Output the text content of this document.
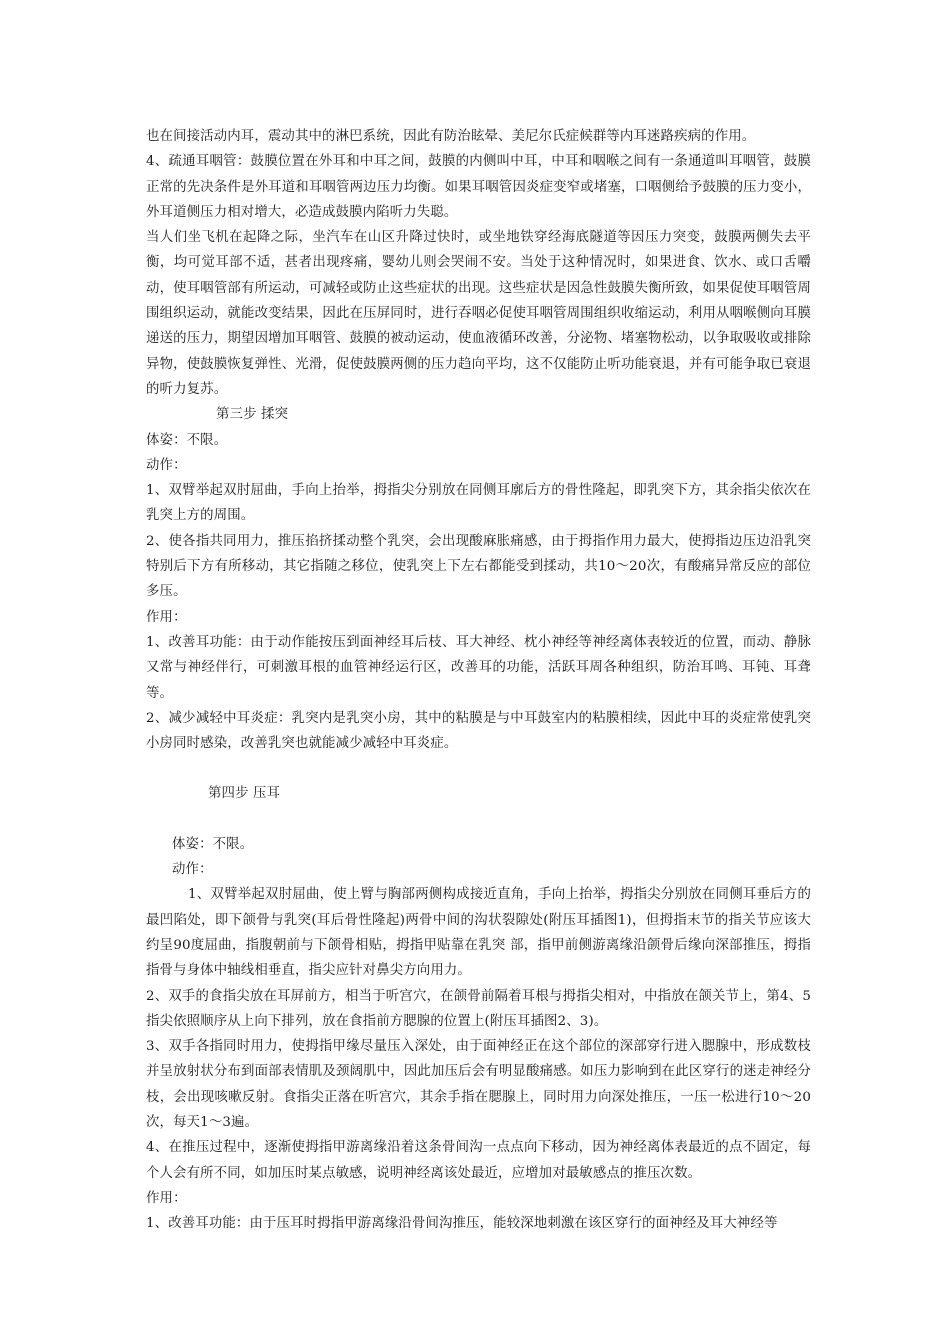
也在间接活动内耳，震动其中的淋巴系统，因此有防治眩晕、美尼尔氏症候群等内耳迷路疾病的作用。

4、疏通耳咽管：鼓膜位置在外耳和中耳之间，鼓膜的内侧叫中耳，中耳和咽喉之间有一条通道叫耳咽管，鼓膜正常的先决条件是外耳道和耳咽管两边压力均衡。如果耳咽管因炎症变窄或堵塞，口咽侧给予鼓膜的压力变小，外耳道侧压力相对增大，必造成鼓膜内陷听力失聪。

当人们坐飞机在起降之际，坐汽车在山区升降过快时，或坐地铁穿经海底隧道等因压力突变，鼓膜两侧失去平衡，均可觉耳部不适，甚者出现疼痛，婴幼儿则会哭闹不安。当处于这种情况时，如果进食、饮水、或口舌嚼动，使耳咽管部有所运动，可减轻或防止这些症状的出现。这些症状是因急性鼓膜失衡所致，如果促使耳咽管周围组织运动，就能改变结果，因此在压屏同时，进行吞咽必促使耳咽管周围组织收缩运动，利用从咽喉侧向耳膜递送的压力，期望因增加耳咽管、鼓膜的被动运动，使血液循环改善，分泌物、堵塞物松动，以争取吸收或排除异物，使鼓膜恢复弹性、光滑，促使鼓膜两侧的压力趋向平均，这不仅能防止听功能衰退，并有可能争取已衰退的听力复苏。

第三步 揉突

体姿：不限。

动作：

1、双臂举起双肘屈曲，手向上抬举，拇指尖分别放在同侧耳廓后方的骨性隆起，即乳突下方，其余指尖依次在乳突上方的周围。

2、使各指共同用力，推压掐挤揉动整个乳突，会出现酸麻胀痛感，由于拇指作用力最大，使拇指边压边沿乳突特别后下方有所移动，其它指随之移位，使乳突上下左右都能受到揉动，共10～20次，有酸痛异常反应的部位多压。

作用：

1、改善耳功能：由于动作能按压到面神经耳后枝、耳大神经、枕小神经等神经离体表较近的位置，而动、静脉又常与神经伴行，可刺激耳根的血管神经运行区，改善耳的功能，活跃耳周各种组织，防治耳鸣、耳钝、耳聋等。

2、减少减轻中耳炎症：乳突内是乳突小房，其中的粘膜是与中耳鼓室内的粘膜相续，因此中耳的炎症常使乳突小房同时感染，改善乳突也就能减少减轻中耳炎症。

第四步 压耳

体姿：不限。

动作：

1、双臂举起双肘屈曲，使上臂与胸部两侧构成接近直角，手向上抬举，拇指尖分别放在同侧耳垂后方的最凹陷处，即下颌骨与乳突(耳后骨性隆起)两骨中间的沟状裂隙处(附压耳插图1)，但拇指末节的指关节应该大约呈90度屈曲，指腹朝前与下颌骨相贴，拇指甲贴靠在乳突 部，指甲前侧游离缘沿颌骨后缘向深部推压，拇指指骨与身体中轴线相垂直，指尖应针对鼻尖方向用力。

2、双手的食指尖放在耳屏前方，相当于听宫穴，在颌骨前隔着耳根与拇指尖相对，中指放在颌关节上，第4、5指尖依照顺序从上向下排列，放在食指前方腮腺的位置上(附压耳插图2、3)。

3、双手各指同时用力，使拇指甲缘尽量压入深处，由于面神经正在这个部位的深部穿行进入腮腺中，形成数枝并呈放射状分布到面部表情肌及颈阔肌中，因此加压后会有明显酸痛感。如压力影响到在此区穿行的迷走神经分枝，会出现咳嗽反射。食指尖正落在听宫穴，其余手指在腮腺上，同时用力向深处推压，一压一松进行10～20次，每天1～3遍。

4、在推压过程中，逐渐使拇指甲游离缘沿着这条骨间沟一点点向下移动，因为神经离体表最近的点不固定，每个人会有所不同，如加压时某点敏感，说明神经离该处最近，应增加对最敏感点的推压次数。

作用：

1、改善耳功能：由于压耳时拇指甲游离缘沿骨间沟推压，能较深地刺激在该区穿行的面神经及耳大神经等
